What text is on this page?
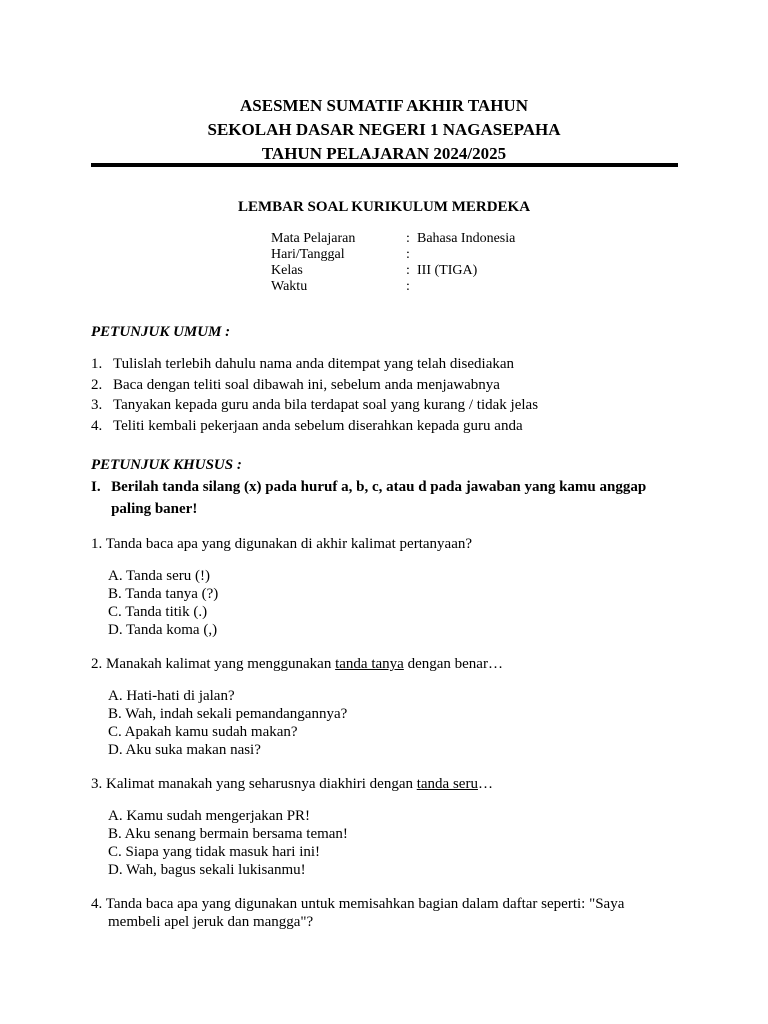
ASESMEN SUMATIF AKHIR TAHUN
SEKOLAH DASAR NEGERI 1 NAGASEPAHA
TAHUN PELAJARAN 2024/2025
LEMBAR SOAL KURIKULUM MERDEKA
Mata Pelajaran	: Bahasa Indonesia
Hari/Tanggal	:
Kelas	: III (TIGA)
Waktu	:
PETUNJUK UMUM :
1. Tulislah terlebih dahulu nama anda ditempat yang telah disediakan
2. Baca dengan teliti soal dibawah ini, sebelum anda menjawabnya
3. Tanyakan kepada guru anda bila terdapat soal yang kurang / tidak jelas
4. Teliti kembali pekerjaan anda sebelum diserahkan kepada guru anda
PETUNJUK KHUSUS :
I. Berilah tanda silang (x) pada huruf a, b, c, atau d pada jawaban yang kamu anggap paling baner!
1. Tanda baca apa yang digunakan di akhir kalimat pertanyaan?
A. Tanda seru (!)
B. Tanda tanya (?)
C. Tanda titik (.)
D. Tanda koma (,)
2. Manakah kalimat yang menggunakan tanda tanya dengan benar…
A. Hati-hati di jalan?
B. Wah, indah sekali pemandangannya?
C. Apakah kamu sudah makan?
D. Aku suka makan nasi?
3. Kalimat manakah yang seharusnya diakhiri dengan tanda seru…
A. Kamu sudah mengerjakan PR!
B. Aku senang bermain bersama teman!
C. Siapa yang tidak masuk hari ini!
D. Wah, bagus sekali lukisanmu!
4. Tanda baca apa yang digunakan untuk memisahkan bagian dalam daftar seperti: "Saya
membeli apel jeruk dan mangga"?
